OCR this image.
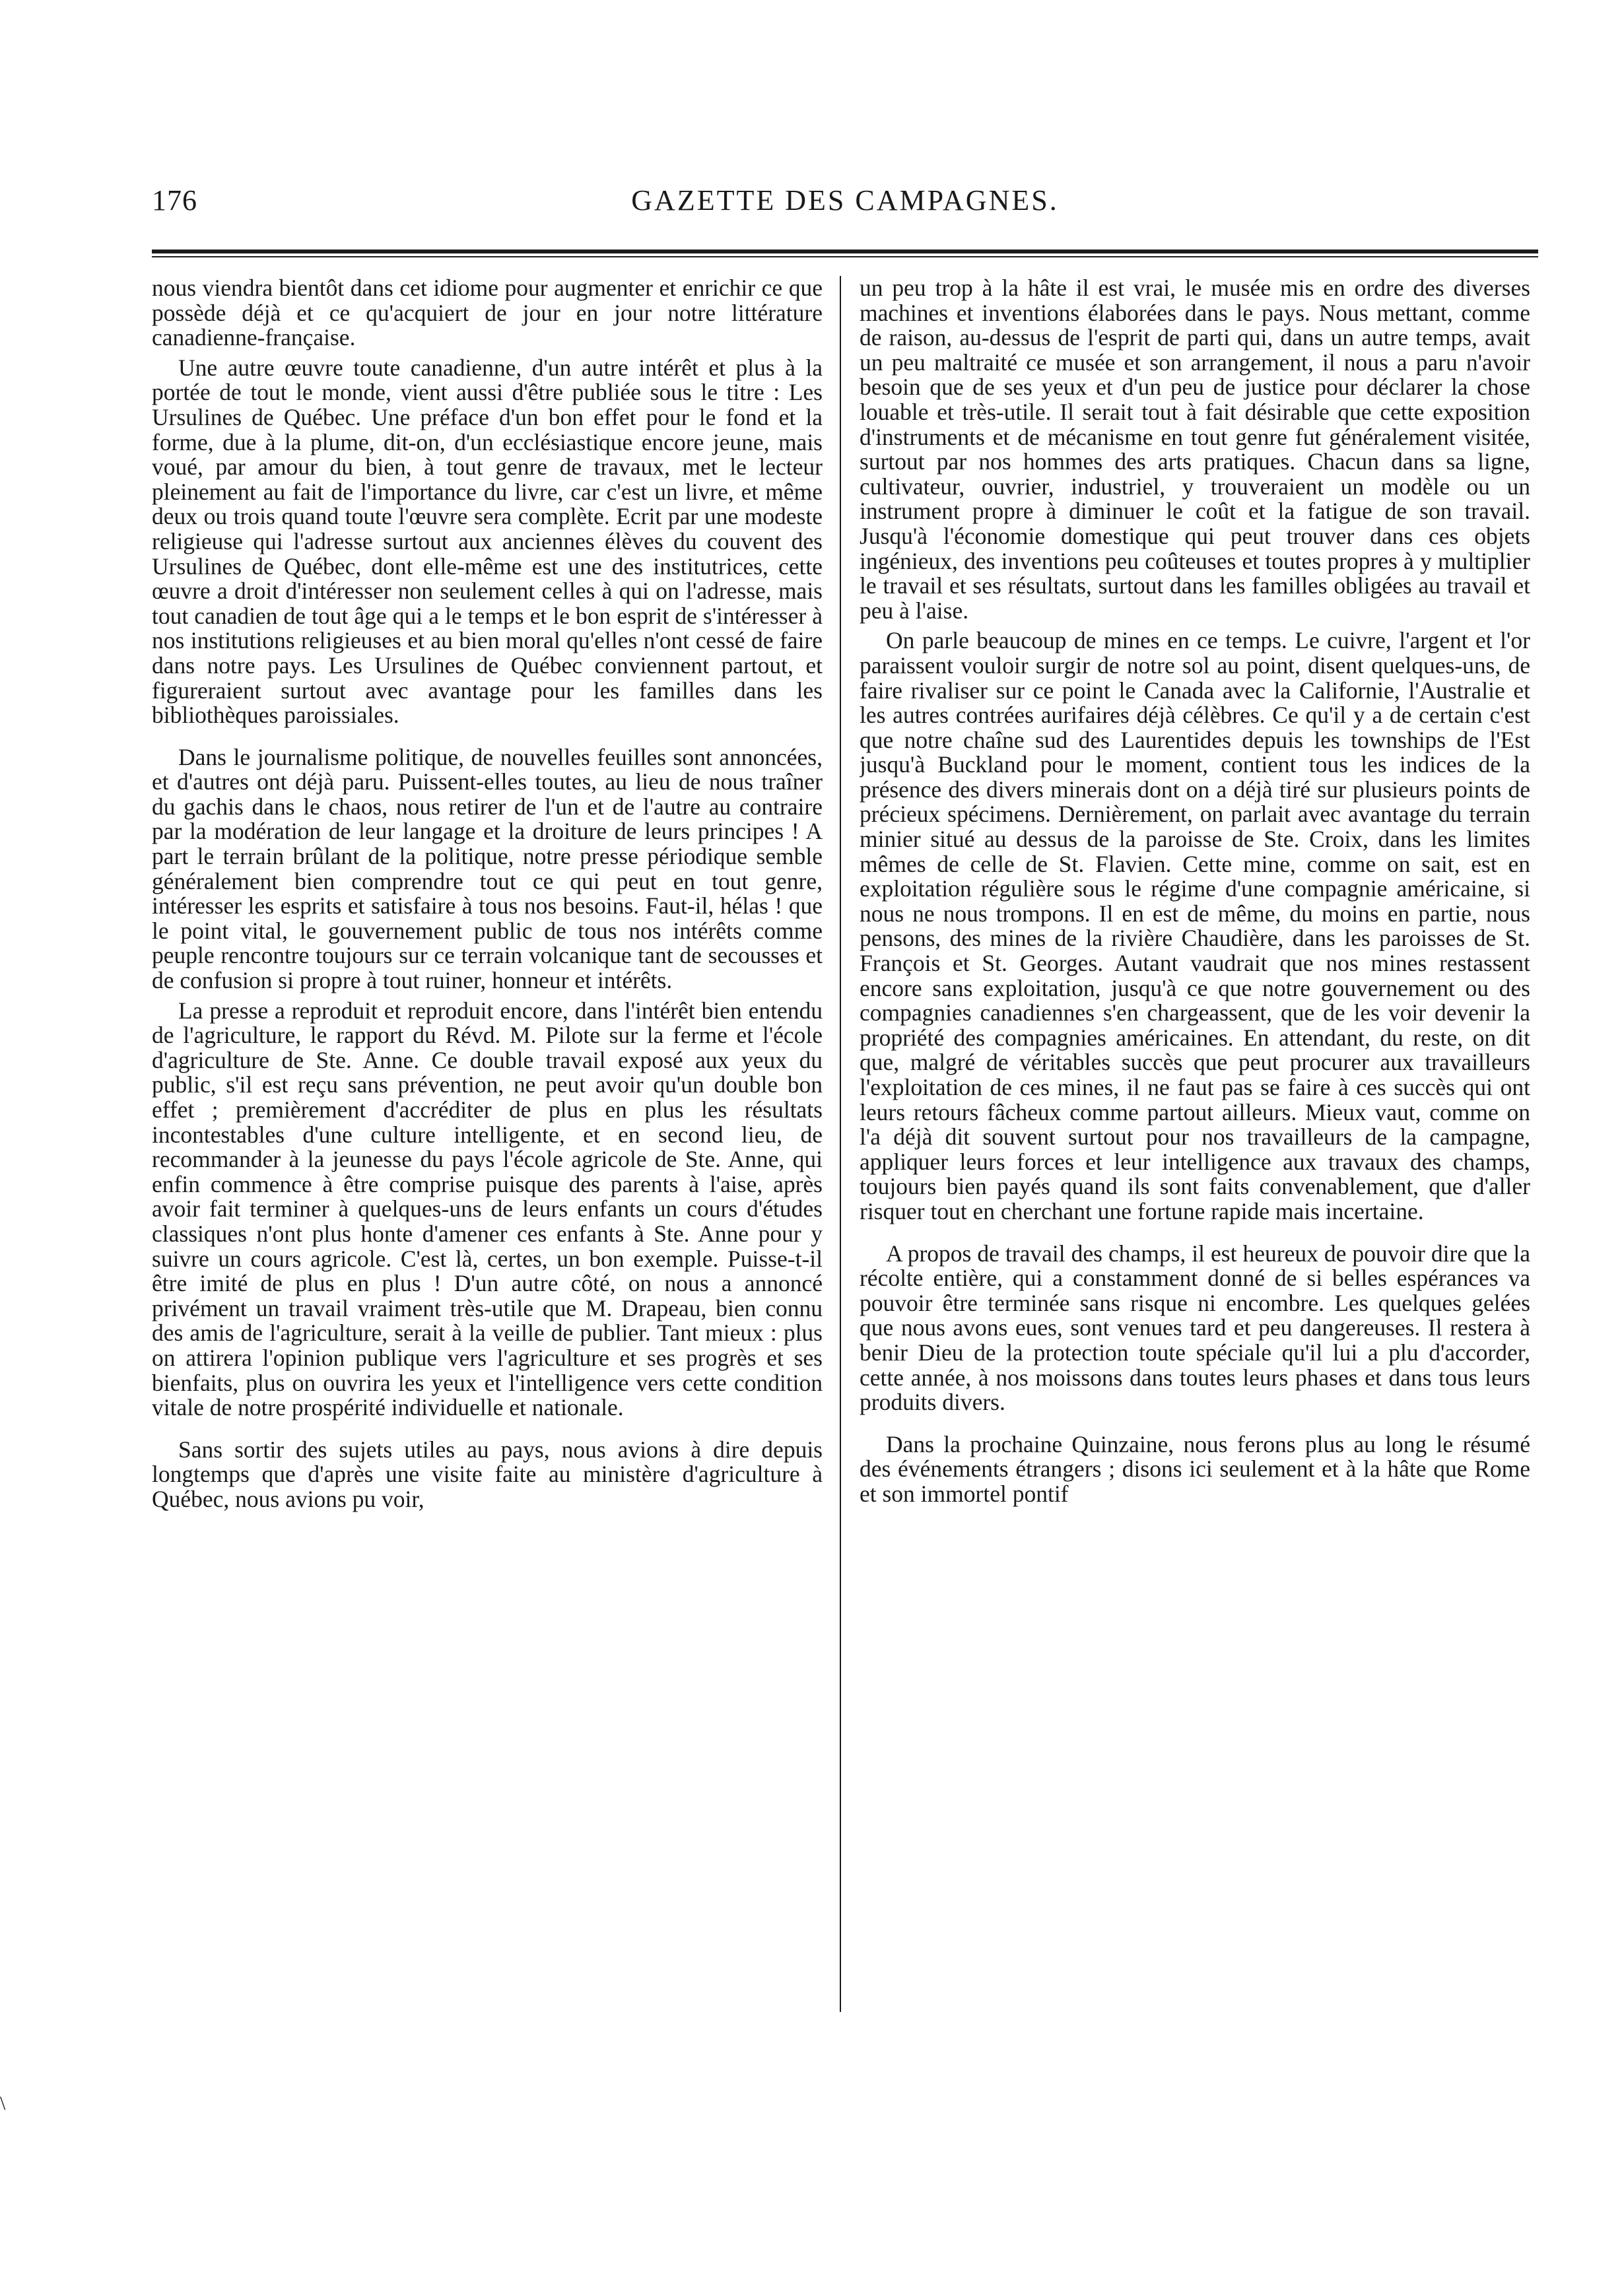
176	GAZETTE DES CAMPAGNES.

nous viendra bientôt dans cet idiome pour augmenter et enrichir ce que possède déjà et ce qu'acquiert de jour en jour notre littérature canadienne-française.

Une autre œuvre toute canadienne, d'un autre intérêt et plus à la portée de tout le monde, vient aussi d'être publiée sous le titre : Les Ursulines de Québec. Une préface d'un bon effet pour le fond et la forme, due à la plume, dit-on, d'un ecclésiastique encore jeune, mais voué, par amour du bien, à tout genre de travaux, met le lecteur pleinement au fait de l'importance du livre, car c'est un livre, et même deux ou trois quand toute l'œuvre sera complète. Ecrit par une modeste religieuse qui l'adresse surtout aux anciennes élèves du couvent des Ursulines de Québec, dont elle-même est une des institutrices, cette œuvre a droit d'intéresser non seulement celles à qui on l'adresse, mais tout canadien de tout âge qui a le temps et le bon esprit de s'intéresser à nos institutions religieuses et au bien moral qu'elles n'ont cessé de faire dans notre pays. Les Ursulines de Québec conviennent partout, et figureraient surtout avec avantage pour les familles dans les bibliothèques paroissiales.

Dans le journalisme politique, de nouvelles feuilles sont annoncées, et d'autres ont déjà paru. Puissent-elles toutes, au lieu de nous traîner du gachis dans le chaos, nous retirer de l'un et de l'autre au contraire par la modération de leur langage et la droiture de leurs principes ! A part le terrain brûlant de la politique, notre presse périodique semble généralement bien comprendre tout ce qui peut en tout genre, intéresser les esprits et satisfaire à tous nos besoins. Faut-il, hélas ! que le point vital, le gouvernement public de tous nos intérêts comme peuple rencontre toujours sur ce terrain volcanique tant de secousses et de confusion si propre à tout ruiner, honneur et intérêts.

La presse a reproduit et reproduit encore, dans l'intérêt bien entendu de l'agriculture, le rapport du Révd. M. Pilote sur la ferme et l'école d'agriculture de Ste. Anne. Ce double travail exposé aux yeux du public, s'il est reçu sans prévention, ne peut avoir qu'un double bon effet ; premièrement d'accréditer de plus en plus les résultats incontestables d'une culture intelligente, et en second lieu, de recommander à la jeunesse du pays l'école agricole de Ste. Anne, qui enfin commence à être comprise puisque des parents à l'aise, après avoir fait terminer à quelques-uns de leurs enfants un cours d'études classiques n'ont plus honte d'amener ces enfants à Ste. Anne pour y suivre un cours agricole. C'est là, certes, un bon exemple. Puisse-t-il être imité de plus en plus ! D'un autre côté, on nous a annoncé privément un travail vraiment très-utile que M. Drapeau, bien connu des amis de l'agriculture, serait à la veille de publier. Tant mieux : plus on attirera l'opinion publique vers l'agriculture et ses progrès et ses bienfaits, plus on ouvrira les yeux et l'intelligence vers cette condition vitale de notre prospérité individuelle et nationale.

Sans sortir des sujets utiles au pays, nous avions à dire depuis longtemps que d'après une visite faite au ministère d'agriculture à Québec, nous avions pu voir,

un peu trop à la hâte il est vrai, le musée mis en ordre des diverses machines et inventions élaborées dans le pays. Nous mettant, comme de raison, au-dessus de l'esprit de parti qui, dans un autre temps, avait un peu maltraité ce musée et son arrangement, il nous a paru n'avoir besoin que de ses yeux et d'un peu de justice pour déclarer la chose louable et très-utile. Il serait tout à fait désirable que cette exposition d'instruments et de mécanisme en tout genre fut généralement visitée, surtout par nos hommes des arts pratiques. Chacun dans sa ligne, cultivateur, ouvrier, industriel, y trouveraient un modèle ou un instrument propre à diminuer le coût et la fatigue de son travail. Jusqu'à l'économie domestique qui peut trouver dans ces objets ingénieux, des inventions peu coûteuses et toutes propres à y multiplier le travail et ses résultats, surtout dans les familles obligées au travail et peu à l'aise.

On parle beaucoup de mines en ce temps. Le cuivre, l'argent et l'or paraissent vouloir surgir de notre sol au point, disent quelques-uns, de faire rivaliser sur ce point le Canada avec la Californie, l'Australie et les autres contrées aurifaires déjà célèbres. Ce qu'il y a de certain c'est que notre chaîne sud des Laurentides depuis les townships de l'Est jusqu'à Buckland pour le moment, contient tous les indices de la présence des divers minerais dont on a déjà tiré sur plusieurs points de précieux spécimens. Dernièrement, on parlait avec avantage du terrain minier situé au dessus de la paroisse de Ste. Croix, dans les limites mêmes de celle de St. Flavien. Cette mine, comme on sait, est en exploitation régulière sous le régime d'une compagnie américaine, si nous ne nous trompons. Il en est de même, du moins en partie, nous pensons, des mines de la rivière Chaudière, dans les paroisses de St. François et St. Georges. Autant vaudrait que nos mines restassent encore sans exploitation, jusqu'à ce que notre gouvernement ou des compagnies canadiennes s'en chargeassent, que de les voir devenir la propriété des compagnies américaines. En attendant, du reste, on dit que, malgré de véritables succès que peut procurer aux travailleurs l'exploitation de ces mines, il ne faut pas se faire à ces succès qui ont leurs retours fâcheux comme partout ailleurs. Mieux vaut, comme on l'a déjà dit souvent surtout pour nos travailleurs de la campagne, appliquer leurs forces et leur intelligence aux travaux des champs, toujours bien payés quand ils sont faits convenablement, que d'aller risquer tout en cherchant une fortune rapide mais incertaine.

A propos de travail des champs, il est heureux de pouvoir dire que la récolte entière, qui a constamment donné de si belles espérances va pouvoir être terminée sans risque ni encombre. Les quelques gelées que nous avons eues, sont venues tard et peu dangereuses. Il restera à benir Dieu de la protection toute spéciale qu'il lui a plu d'accorder, cette année, à nos moissons dans toutes leurs phases et dans tous leurs produits divers.

Dans la prochaine Quinzaine, nous ferons plus au long le résumé des événements étrangers ; disons ici seulement et à la hâte que Rome et son immortel pontif

\
